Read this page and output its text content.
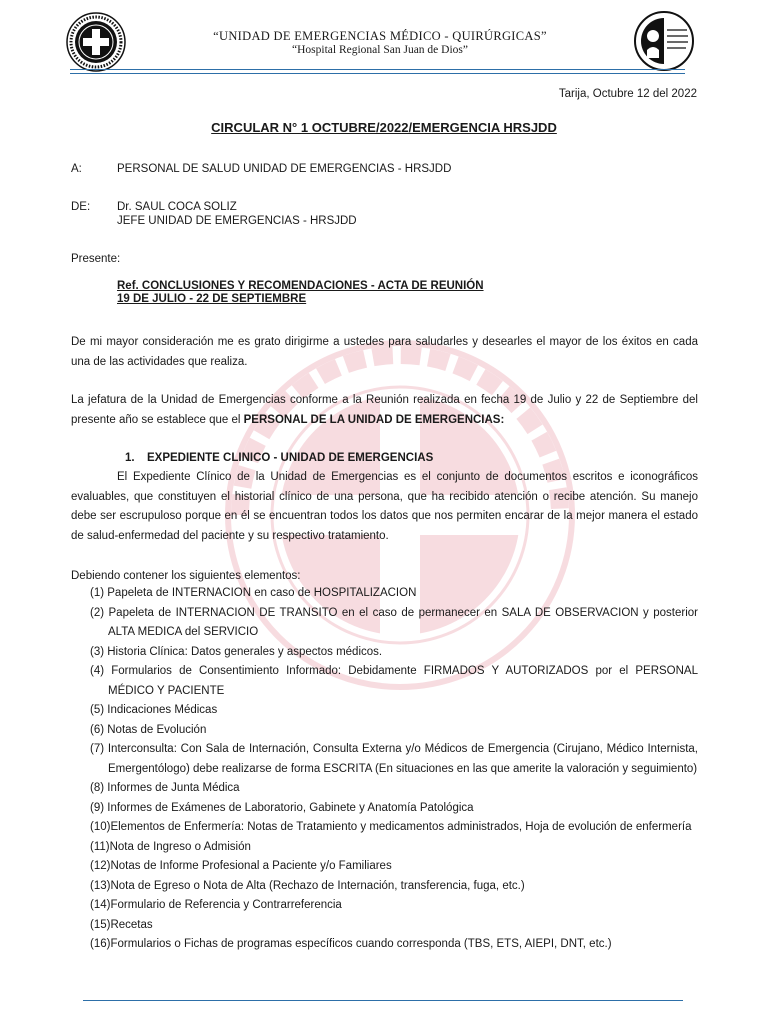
“UNIDAD DE EMERGENCIAS MÉDICO - QUIRÚRGICAS”
“Hospital Regional San Juan de Dios”
Tarija, Octubre 12 del 2022
CIRCULAR N° 1 OCTUBRE/2022/EMERGENCIA HRSJDD
A:	PERSONAL DE SALUD UNIDAD DE EMERGENCIAS - HRSJDD
DE: Dr. SAUL COCA SOLIZ
JEFE UNIDAD DE EMERGENCIAS - HRSJDD
Presente:
Ref. CONCLUSIONES Y RECOMENDACIONES - ACTA DE REUNIÓN
19 DE JULIO - 22 DE SEPTIEMBRE
De mi mayor consideración me es grato dirigirme a ustedes para saludarles y desearles el mayor de los éxitos en cada una de las actividades que realiza.
La jefatura de la Unidad de Emergencias conforme a la Reunión realizada en fecha 19 de Julio y 22 de Septiembre del presente año se establece que el PERSONAL DE LA UNIDAD DE EMERGENCIAS:
1. EXPEDIENTE CLINICO - UNIDAD DE EMERGENCIAS
El Expediente Clínico de la Unidad de Emergencias es el conjunto de documentos escritos e iconográficos evaluables, que constituyen el historial clínico de una persona, que ha recibido atención o recibe atención. Su manejo debe ser escrupuloso porque en él se encuentran todos los datos que nos permiten encarar de la mejor manera el estado de salud-enfermedad del paciente y su respectivo tratamiento.
Debiendo contener los siguientes elementos:
(1) Papeleta de INTERNACION en caso de HOSPITALIZACION
(2) Papeleta de INTERNACION DE TRANSITO en el caso de permanecer en SALA DE OBSERVACION y posterior ALTA MEDICA del SERVICIO
(3) Historia Clínica: Datos generales y aspectos médicos.
(4) Formularios de Consentimiento Informado: Debidamente FIRMADOS Y AUTORIZADOS por el PERSONAL MÉDICO Y PACIENTE
(5) Indicaciones Médicas
(6) Notas de Evolución
(7) Interconsulta: Con Sala de Internación, Consulta Externa y/o Médicos de Emergencia (Cirujano, Médico Internista, Emergentólogo) debe realizarse de forma ESCRITA (En situaciones en las que amerite la valoración y seguimiento)
(8) Informes de Junta Médica
(9) Informes de Exámenes de Laboratorio, Gabinete y Anatomía Patológica
(10)Elementos de Enfermería: Notas de Tratamiento y medicamentos administrados, Hoja de evolución de enfermería
(11)Nota de Ingreso o Admisión
(12)Notas de Informe Profesional a Paciente y/o Familiares
(13)Nota de Egreso o Nota de Alta (Rechazo de Internación, transferencia, fuga, etc.)
(14)Formulario de Referencia y Contrarreferencia
(15)Recetas
(16)Formularios o Fichas de programas específicos cuando corresponda (TBS, ETS, AIEPI, DNT, etc.)
